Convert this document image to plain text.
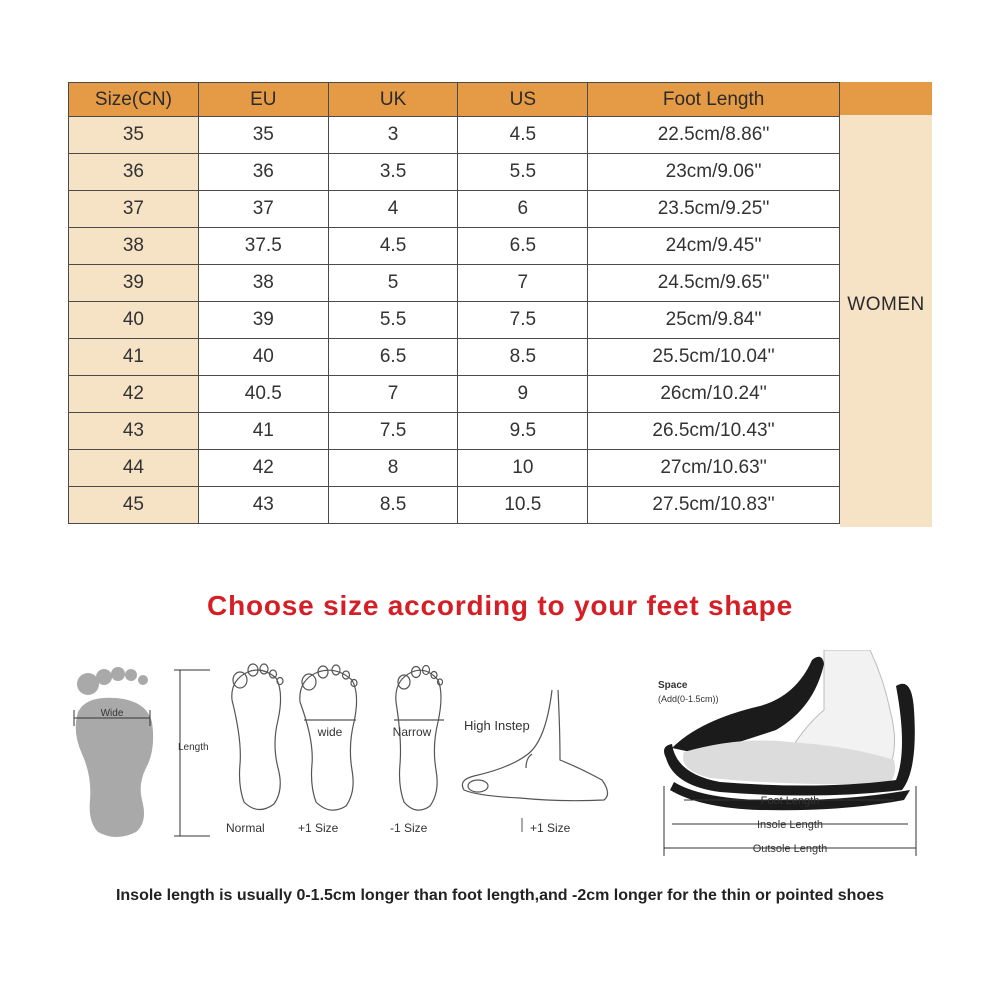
Size(CN)	EU	UK	US	Foot Length
35	35	3	4.5	22.5cm/8.86''
36	36	3.5	5.5	23cm/9.06''
37	37	4	6	23.5cm/9.25''
38	37.5	4.5	6.5	24cm/9.45''
39	38	5	7	24.5cm/9.65''
40	39	5.5	7.5	25cm/9.84''
41	40	6.5	8.5	25.5cm/10.04''
42	40.5	7	9	26cm/10.24''
43	41	7.5	9.5	26.5cm/10.43''
44	42	8	10	27cm/10.63''
45	43	8.5	10.5	27.5cm/10.83''
WOMEN
Choose size according to your feet shape
Wide
Length
Normal
wide
+1 Size
Narrow
-1 Size
High Instep
+1 Size
Space
(Add(0-1.5cm))
Foot Length
Insole Length
Outsole Length
Insole length is usually 0-1.5cm longer than foot length,and -2cm longer for the thin or pointed shoes
